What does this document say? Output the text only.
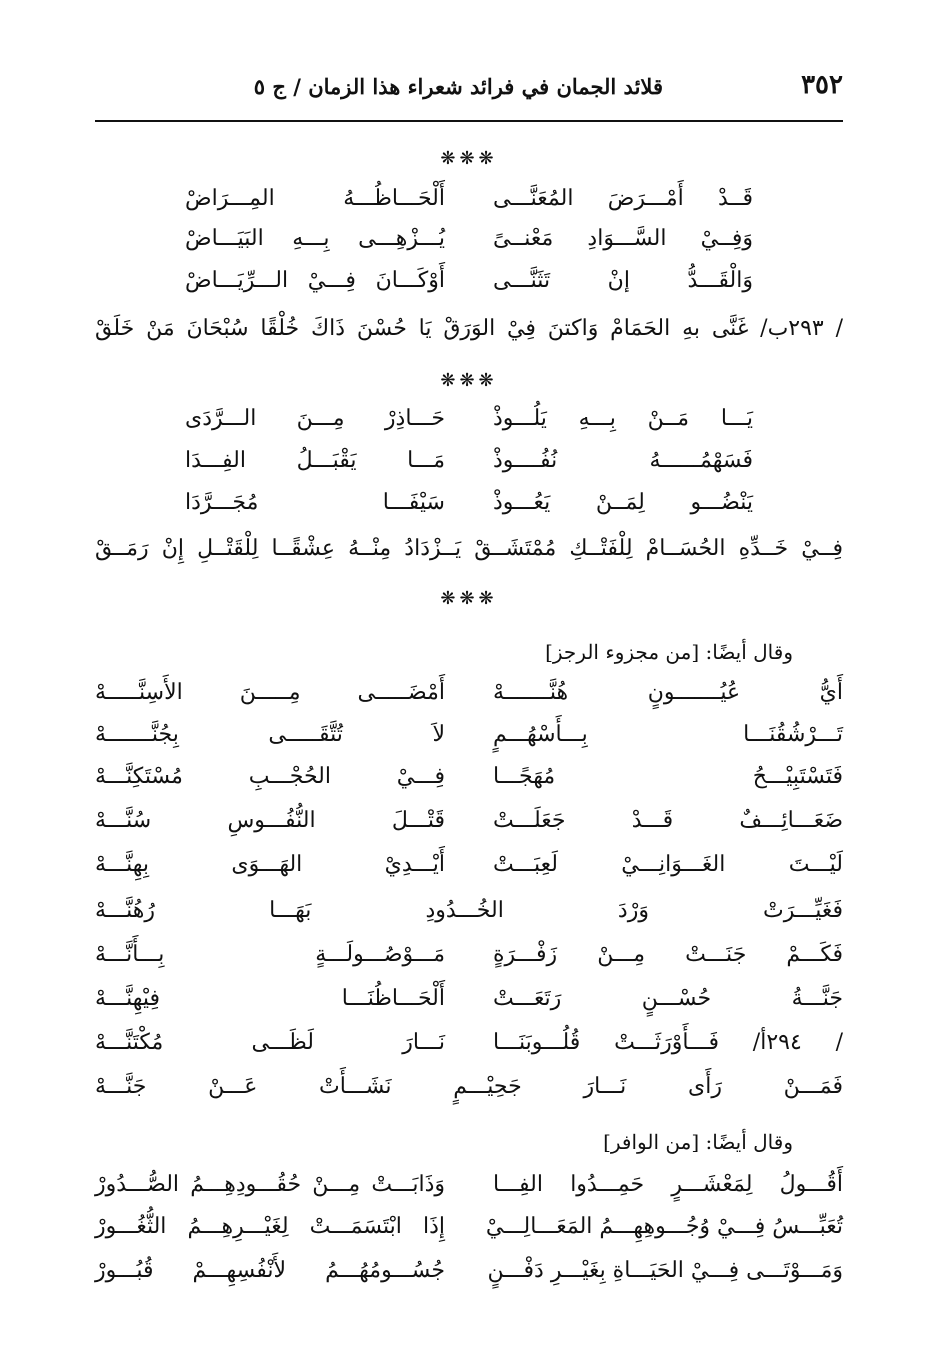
٣٥٢
قلائد الجمان في فرائد شعراء هذا الزمان / ج ٥
❋❋❋
قَــدْ أَمْـــرَضَ المُعَنَّـــى
أَلْحَـــاظُـــهُ المِـــرَاضْ
وَفِــيْ السَّـــوَادِ مَعْنــىً
يُـــزْهِـــى بِـــهِ البَيَـــاضْ
وَالْقَـــدُّ إنْ تَثَنَّـــى
أَوْكَـــانَ فِـــيْ الـــرِّيَـــاضْ
/ ٢٩٣ب/ غَنَّى بهِ الحَمَامْ وَاكتنَ فِيْ الوَرَقْ يَا حُسْنَ ذَاكَ خُلْقًا سُبْحَانَ مَنْ خَلَقْ
❋❋❋
يَـــا مَــنْ بِـــهِ يَلُـــوذْ
حَـــاذِرْ مِـــنَ الـــرَّدَى
فَسَهْمُــــــهُ نُفُــــوذْ
مَـــا يَقْبَـــلُ الفِـــدَا
يَنْضُـــو لِمَــنْ يَعُـــوذْ
سَيْفَـــا مُجَـــرَّدَا
فِــيْ خَــدِّهِ الحُسَــامْ لِلْفَتْــكِ مُمْتَشَــقْ يَــزْدَادُ مِنْــهُ عِشْقًــا لِلْقَتْــلِ إِنْ رَمَــقْ
❋❋❋
وقال أيضًا: [من مجزوء الرجز]
أَيُّ عُيُـــــــونٍ هُنَّـــــــهْ
أَمْضَـــــى مِـــــنَ الأَسِنَّـــــهْ
تَـــرْشُقُنَـــا بِـــأَسْهُـــمٍ
لاَ تُتَّقَـــــى بِجُنَّـــــــهْ
فَتَسْتَبِيْـــحُ مُهَجًـــا
فِـــيْ الحُجْـــبِ مُسْتَكِنَّـــهْ
ضَعَـــائِـــفٌ قَـــدْ جَعَلَـــتْ
قَتْـــلَ النُّفُـــوسِ سُنَّـــهْ
لَيْـــتَ الغَـــوَانِـــيْ لَعِبَـــتْ
أَيْـــدِيْ الهَـــوَى بِهِنَّـــهْ
فَغَيِّـــرَتْ وَرْدَ الخُـــدُودِ بَهَـــا رُهُنَّـــهْ
فَكَـــمْ جَنَـــتْ مِـــنْ زَفْـــرَةٍ
مَـــوْصُـــولَـــةٍ بِـــأَنَّـــهْ
جَنَّـــةُ حُسْـــنٍ رَتَعَـــتْ
أَلْحَـــاظُنَـــا فِيْهِنَّـــهْ
/ ٢٩٤أ/ فَـــأَوْرَثَـــتْ قُلُـــوبَنَـــا
نَـــارَ لَظَـــى مُكْتَنَّـــهْ
فَمَـــنْ رَأَى نَـــارَ جَحِيْـــمٍ نَشَـــأَتْ عَـــنْ جَنَّـــهْ
وقال أيضًا: [من الوافر]
أَقُـــولُ لِمَعْشَـــرٍ حَمِـــدُوا الفِـــا
وَذَابَـــتْ مِـــنْ حُقُـــودِهِـــمُ الصُّـــدُورْ
تُعَبِّـــسُ فِـــيْ وُجُـــوهِهِـــمُ المَعَـــالِـــيْ
إِذَا ابْتَسَمَـــتْ لِغَيْـــرِهِـــمُ الثُّغُـــورْ
وَمَـــوْتَـــى فِـــيْ الحَيَـــاةِ بِغَيْـــرِ دَفْـــنٍ
جُسُـــومُهُـــمُ لأَنْفُسِهِـــمْ قُبُـــورْ
